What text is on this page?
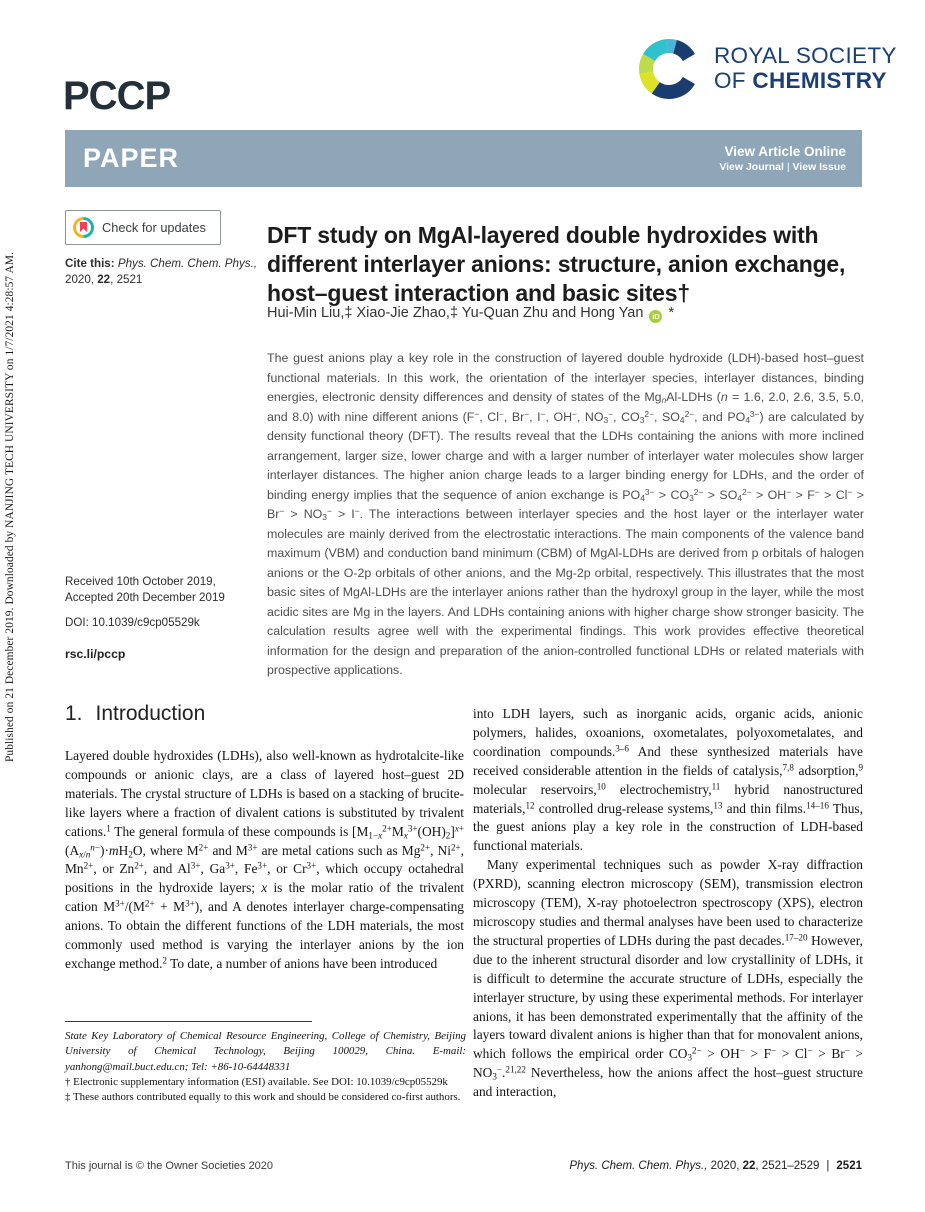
Published on 21 December 2019. Downloaded by NANJING TECH UNIVERSITY on 1/7/2021 4:28:57 AM.
PCCP
ROYAL SOCIETY
OF CHEMISTRY
PAPER	View Article Online
View Journal | View Issue
Check for updates
Cite this: Phys. Chem. Chem. Phys.,
2020, 22, 2521
Received 10th October 2019,
Accepted 20th December 2019
DOI: 10.1039/c9cp05529k
rsc.li/pccp
DFT study on MgAl-layered double hydroxides with different interlayer anions: structure, anion exchange, host–guest interaction and basic sites†
Hui-Min Liu,‡ Xiao-Jie Zhao,‡ Yu-Quan Zhu and Hong Yan iD *
The guest anions play a key role in the construction of layered double hydroxide (LDH)-based host–guest functional materials. In this work, the orientation of the interlayer species, interlayer distances, binding energies, electronic density differences and density of states of the $Mg_nAl$-LDHs (n = 1.6, 2.0, 2.6, 3.5, 5.0, and 8.0) with nine different anions (F−, Cl−, Br−, I−, OH−, $NO_3^-$, $CO_3^{2-}$, $SO_4^{2-}$, and $PO_4^{3-}$) are calculated by density functional theory (DFT). The results reveal that the LDHs containing the anions with more inclined arrangement, larger size, lower charge and with a larger number of interlayer water molecules show larger interlayer distances. The higher anion charge leads to a larger binding energy for LDHs, and the order of binding energy implies that the sequence of anion exchange is $PO_4^{3-} > CO_3^{2-} > SO_4^{2-} > OH^- > F^- > Cl^- > Br^- > NO_3^- > I^-$. The interactions between interlayer species and the host layer or the interlayer water molecules are mainly derived from the electrostatic interactions. The main components of the valence band maximum (VBM) and conduction band minimum (CBM) of MgAl-LDHs are derived from p orbitals of halogen anions or the O-2p orbitals of other anions, and the Mg-2p orbital, respectively. This illustrates that the most basic sites of MgAl-LDHs are the interlayer anions rather than the hydroxyl group in the layer, while the most acidic sites are Mg in the layers. And LDHs containing anions with higher charge show stronger basicity. The calculation results agree well with the experimental findings. This work provides effective theoretical information for the design and preparation of the anion-controlled functional LDHs or related materials with prospective applications.
1. Introduction

Layered double hydroxides (LDHs), also well-known as hydrotalcite-like compounds or anionic clays, are a class of layered host–guest 2D materials. The crystal structure of LDHs is based on a stacking of brucite-like layers where a fraction of divalent cations is substituted by trivalent cations.$^1$ The general formula of these compounds is $[M_{1-x}^{2+}M_x^{3+}(OH)_2]^{x+}(A_{x/n}^{n-})\cdot mH_2O$, where $M^{2+}$ and $M^{3+}$ are metal cations such as $Mg^{2+}$, $Ni^{2+}$, $Mn^{2+}$, or $Zn^{2+}$, and $Al^{3+}$, $Ga^{3+}$, $Fe^{3+}$, or $Cr^{3+}$, which occupy octahedral positions in the hydroxide layers; x is the molar ratio of the trivalent cation $M^{3+}/(M^{2+} + M^{3+})$, and A denotes interlayer charge-compensating anions. To obtain the different functions of the LDH materials, the most commonly used method is varying the interlayer anions by the ion exchange method.$^2$ To date, a number of anions have been introduced

into LDH layers, such as inorganic acids, organic acids, anionic polymers, halides, oxoanions, oxometalates, polyoxometalates, and coordination compounds.$^{3-6}$ And these synthesized materials have received considerable attention in the fields of catalysis,$^{7,8}$ adsorption,$^9$ molecular reservoirs,$^{10}$ electrochemistry,$^{11}$ hybrid nanostructured materials,$^{12}$ controlled drug-release systems,$^{13}$ and thin films.$^{14-16}$ Thus, the guest anions play a key role in the construction of LDH-based functional materials.

Many experimental techniques such as powder X-ray diffraction (PXRD), scanning electron microscopy (SEM), transmission electron microscopy (TEM), X-ray photoelectron spectroscopy (XPS), electron microscopy studies and thermal analyses have been used to characterize the structural properties of LDHs during the past decades.$^{17-20}$ However, due to the inherent structural disorder and low crystallinity of LDHs, it is difficult to determine the accurate structure of LDHs, especially the interlayer structure, by using these experimental methods. For interlayer anions, it has been demonstrated experimentally that the affinity of the layers toward divalent anions is higher than that for monovalent anions, which follows the empirical order $CO_3^{2-} > OH^- > F^- > Cl^- > Br^- > NO_3^-.^{21,22}$ Nevertheless, how the anions affect the host–guest structure and interaction,

State Key Laboratory of Chemical Resource Engineering, College of Chemistry, Beijing University of Chemical Technology, Beijing 100029, China. E-mail: yanhong@mail.buct.edu.cn; Tel: +86-10-64448331

† Electronic supplementary information (ESI) available. See DOI: 10.1039/c9cp05529k

‡ These authors contributed equally to this work and should be considered co-first authors.

This journal is © the Owner Societies 2020	Phys. Chem. Chem. Phys., 2020, 22, 2521–2529  |  2521
